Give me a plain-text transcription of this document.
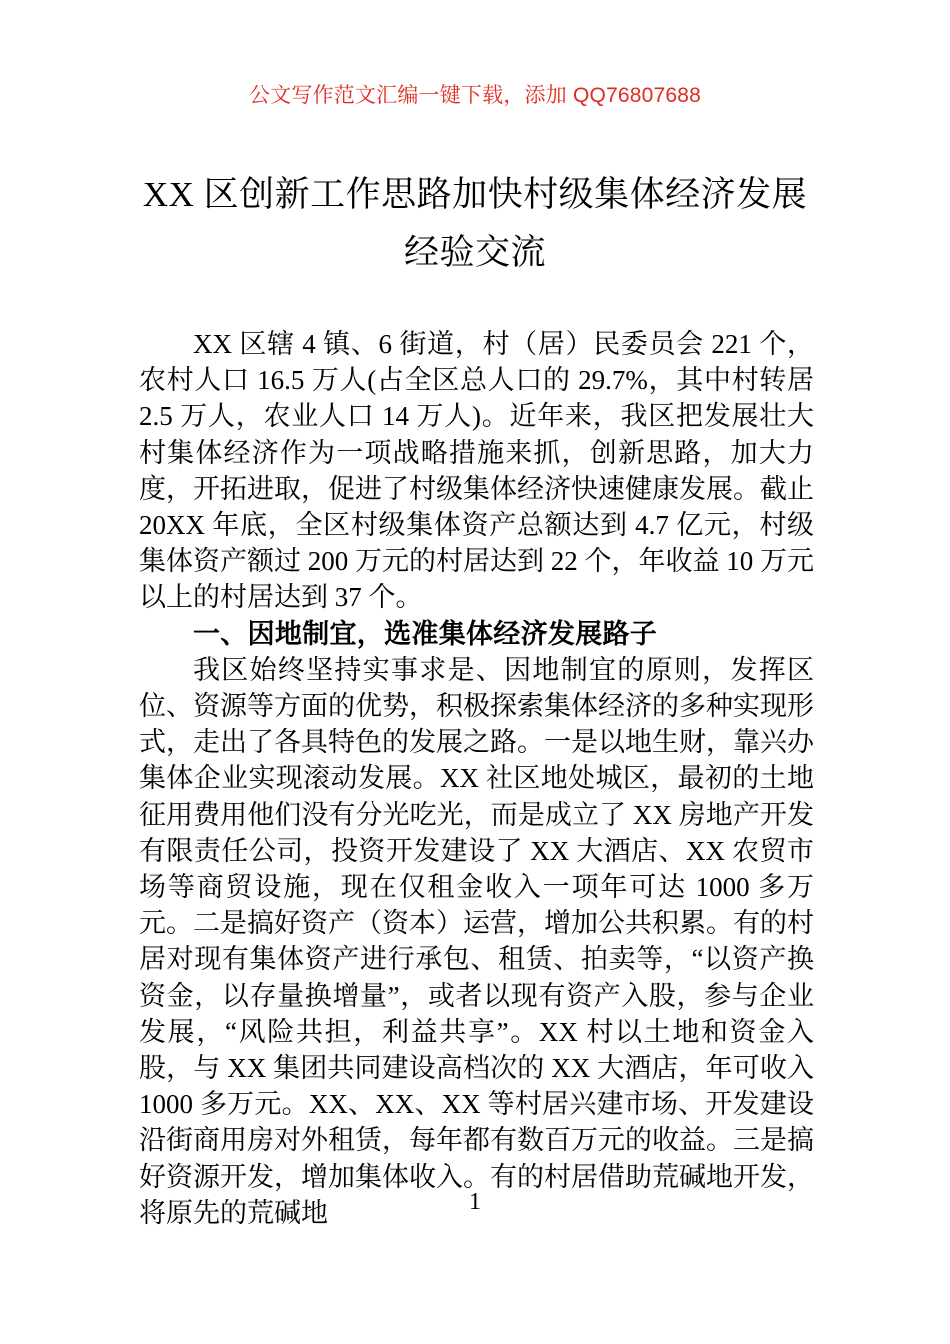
公文写作范文汇编一键下载，添加 QQ76807688
XX 区创新工作思路加快村级集体经济发展
经验交流

XX 区辖 4 镇、6 街道，村（居）民委员会 221 个，农村人口 16.5 万人(占全区总人口的 29.7%，其中村转居 2.5 万人，农业人口 14 万人)。近年来，我区把发展壮大村集体经济作为一项战略措施来抓，创新思路，加大力度，开拓进取，促进了村级集体经济快速健康发展。截止 20XX 年底，全区村级集体资产总额达到 4.7 亿元，村级集体资产额过 200 万元的村居达到 22 个，年收益 10 万元以上的村居达到 37 个。

一、因地制宜，选准集体经济发展路子

我区始终坚持实事求是、因地制宜的原则，发挥区位、资源等方面的优势，积极探索集体经济的多种实现形式，走出了各具特色的发展之路。一是以地生财，靠兴办集体企业实现滚动发展。XX 社区地处城区，最初的土地征用费用他们没有分光吃光，而是成立了 XX 房地产开发有限责任公司，投资开发建设了 XX 大酒店、XX 农贸市场等商贸设施，现在仅租金收入一项年可达 1000 多万元。二是搞好资产（资本）运营，增加公共积累。有的村居对现有集体资产进行承包、租赁、拍卖等，“以资产换资金，以存量换增量”，或者以现有资产入股，参与企业发展，“风险共担，利益共享”。XX 村以土地和资金入股，与 XX 集团共同建设高档次的 XX 大酒店，年可收入 1000 多万元。XX、XX、XX 等村居兴建市场、开发建设沿街商用房对外租赁，每年都有数百万元的收益。三是搞好资源开发，增加集体收入。有的村居借助荒碱地开发，将原先的荒碱地	1
